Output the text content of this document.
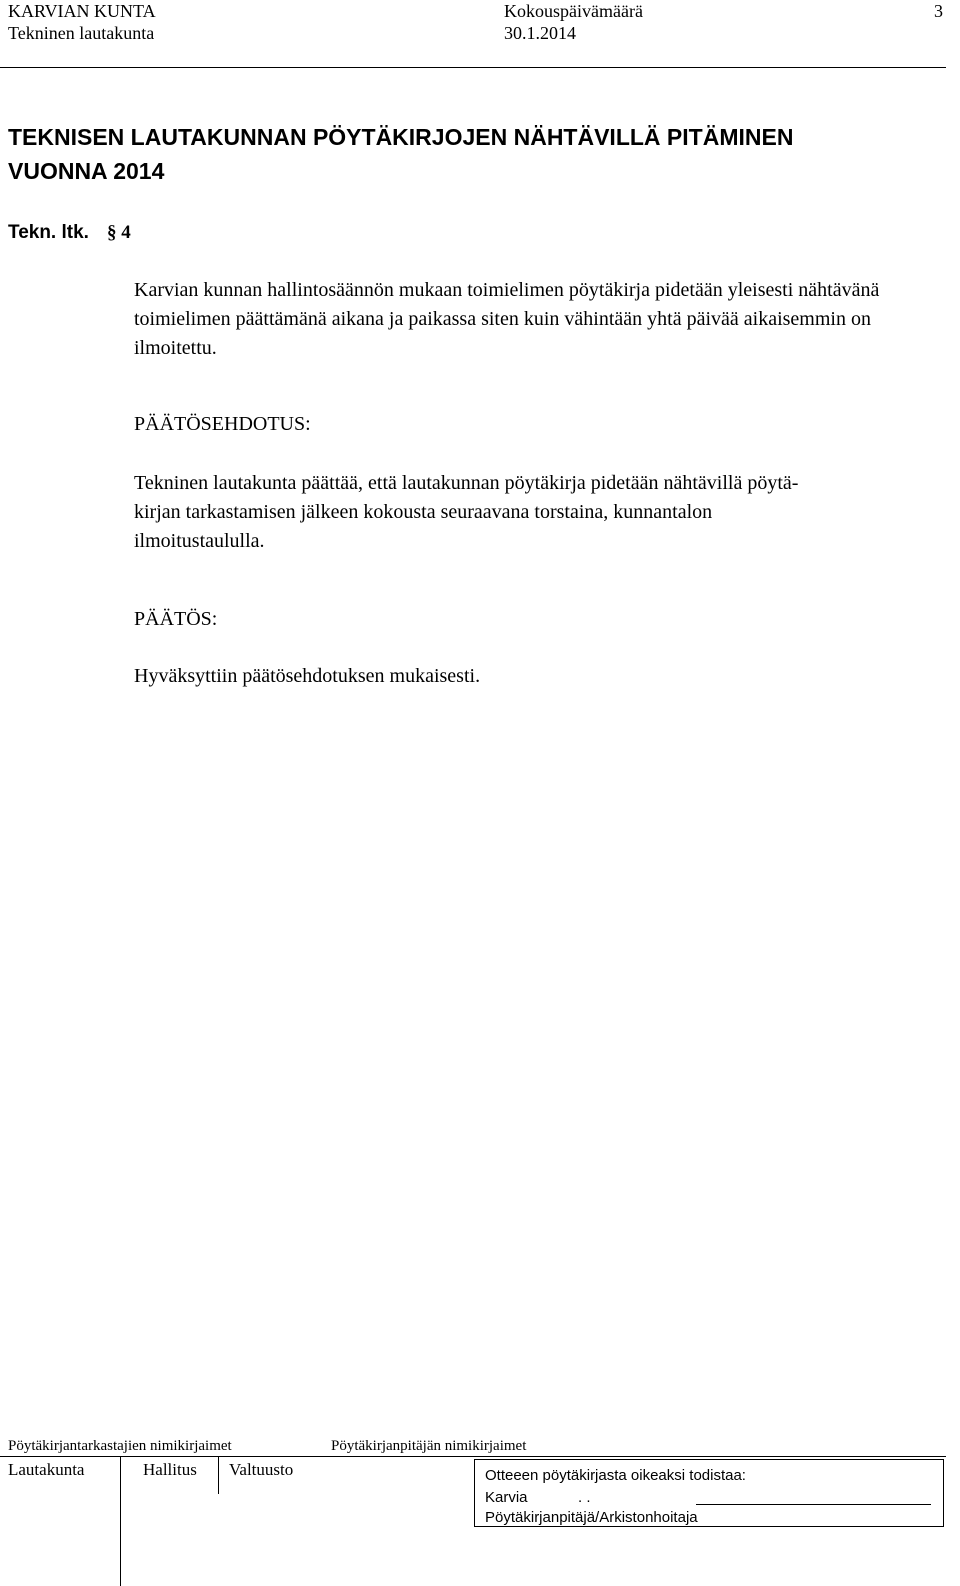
KARVIAN KUNTA
Tekninen lautakunta
Kokouspäivämäärä
30.1.2014
3
TEKNISEN LAUTAKUNNAN PÖYTÄKIRJOJEN NÄHTÄVILLÄ PITÄMINEN
VUONNA 2014
Tekn. ltk. § 4

Karvian kunnan hallintosäännön mukaan toimielimen pöytäkirja pidetään yleisesti nähtävänä toimielimen päättämänä aikana ja paikassa siten kuin vähintään yhtä päivää aikaisemmin on ilmoitettu.

PÄÄTÖSEHDOTUS:
Tekninen lautakunta päättää, että lautakunnan pöytäkirja pidetään nähtävillä pöytä-
kirjan tarkastamisen jälkeen kokousta seuraavana torstaina, kunnantalon
ilmoitustaululla.
PÄÄTÖS:
Hyväksyttiin päätösehdotuksen mukaisesti.
Pöytäkirjantarkastajien nimikirjaimet	Pöytäkirjanpitäjän nimikirjaimet
Lautakunta	Hallitus Valtuusto	Otteeen pöytäkirjasta oikeaksi todistaa:
Karvia	. .
Pöytäkirjanpitäjä/Arkistonhoitaja
